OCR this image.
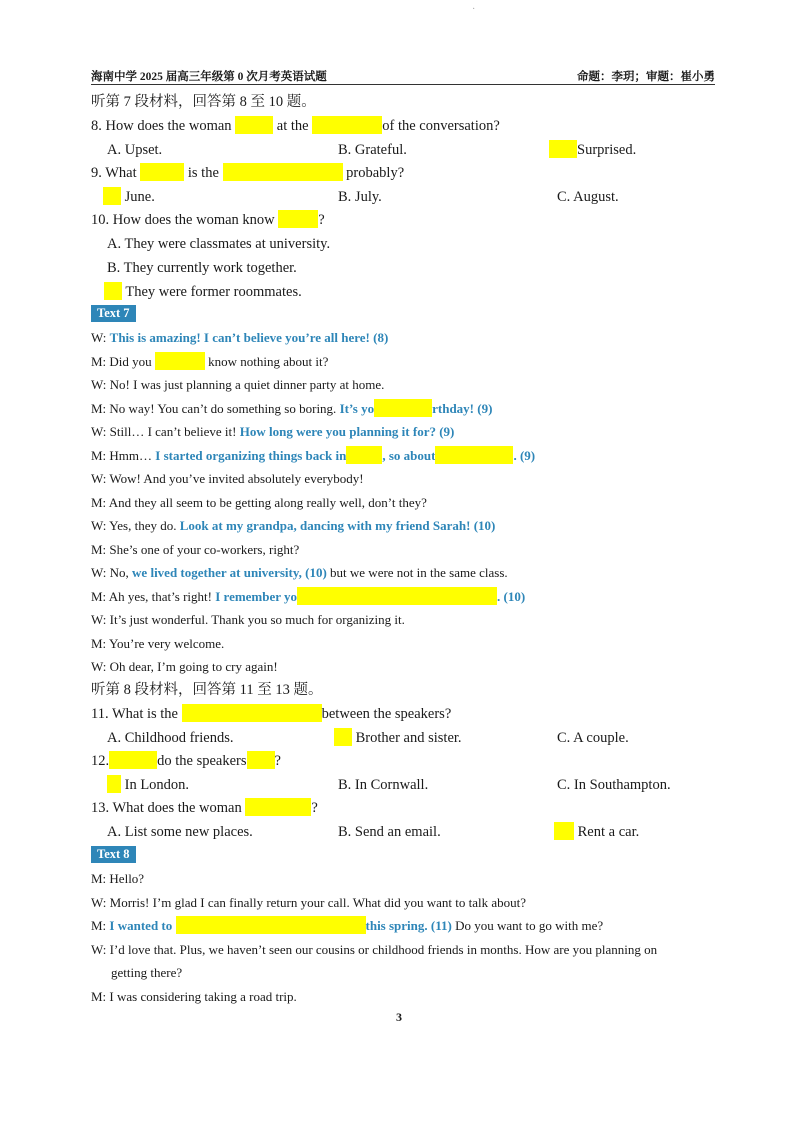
·
海南中学 2025 届高三年级第 0 次月考英语试题	命题：李玥；审题：崔小勇
听第 7 段材料，回答第 8 至 10 题。
8. How does the woman	at the	of the conversation?
A. Upset.	B. Grateful.	Surprised.
9. What	is the	probably?
June.	B. July.	C. August.
10. How does the woman know	?
A. They were classmates at university.
B. They currently work together.
They were former roommates.
Text 7
W: This is amazing! I can’t believe you’re all here! (8)
M: Did you	know nothing about it?
W: No! I was just planning a quiet dinner party at home.
M: No way! You can’t do something so boring. It’s yo	rthday! (9)
W: Still… I can’t believe it! How long were you planning it for? (9)
M: Hmm… I started organizing things back in	, so about	. (9)
W: Wow! And you’ve invited absolutely everybody!
M: And they all seem to be getting along really well, don’t they?
W: Yes, they do. Look at my grandpa, dancing with my friend Sarah! (10)
M: She’s one of your co-workers, right?
W: No, we lived together at university, (10) but we were not in the same class.
M: Ah yes, that’s right! I remember yo	. (10)
W: It’s just wonderful. Thank you so much for organizing it.
M: You’re very welcome.
W: Oh dear, I’m going to cry again!
听第 8 段材料，回答第 11 至 13 题。
11. What is the	between the speakers?
A. Childhood friends.	Brother and sister.	C. A couple.
12.	do the speakers ?
In London.	B. In Cornwall.	C. In Southampton.
13. What does the woman	?
A. List some new places.	B. Send an email.	Rent a car.
Text 8
M: Hello?
W: Morris! I’m glad I can finally return your call. What did you want to talk about?
M: I wanted to	this spring. (11) Do you want to go with me?
W: I’d love that. Plus, we haven’t seen our cousins or childhood friends in months. How are you planning on
getting there?
M: I was considering taking a road trip.
3
